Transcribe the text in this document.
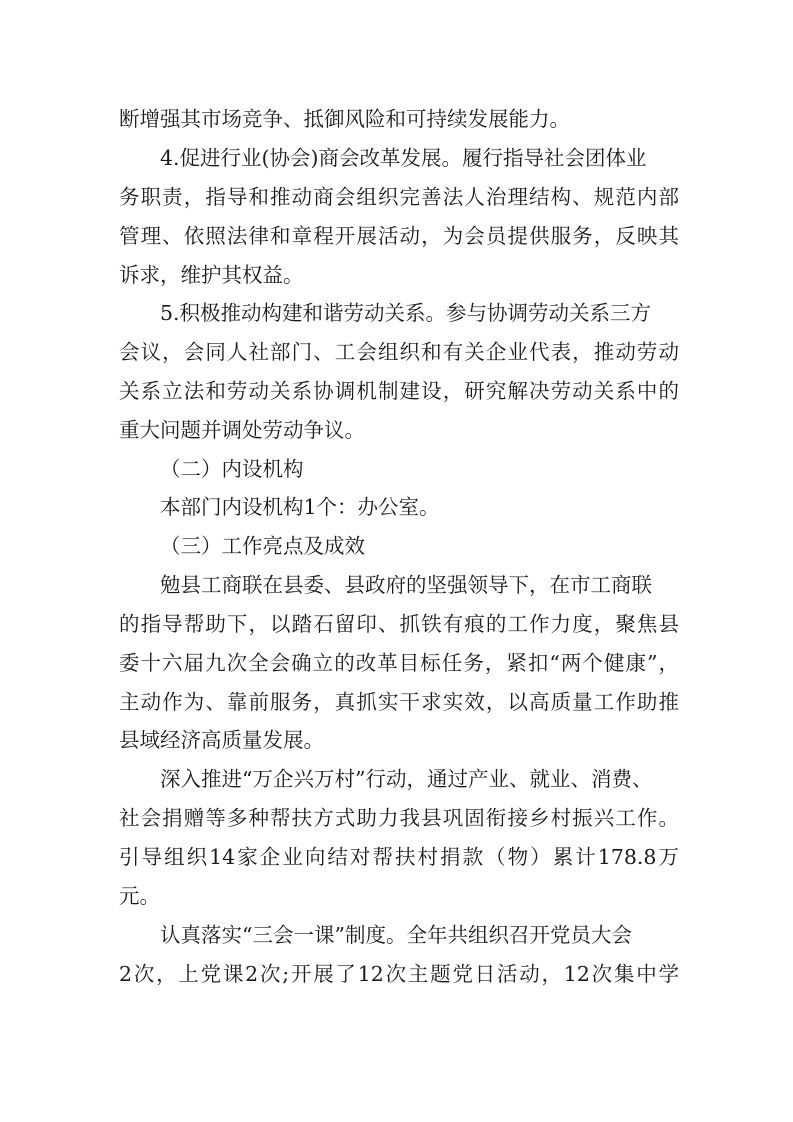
断增强其市场竞争、抵御风险和可持续发展能力。
4.促进行业(协会)商会改革发展。履行指导社会团体业
务职责，指导和推动商会组织完善法人治理结构、规范内部
管理、依照法律和章程开展活动，为会员提供服务，反映其
诉求，维护其权益。
5.积极推动构建和谐劳动关系。参与协调劳动关系三方
会议，会同人社部门、工会组织和有关企业代表，推动劳动
关系立法和劳动关系协调机制建设，研究解决劳动关系中的
重大问题并调处劳动争议。
（二）内设机构
本部门内设机构1个：办公室。
（三）工作亮点及成效
勉县工商联在县委、县政府的坚强领导下，在市工商联
的指导帮助下，以踏石留印、抓铁有痕的工作力度，聚焦县
委十六届九次全会确立的改革目标任务，紧扣“两个健康”，
主动作为、靠前服务，真抓实干求实效，以高质量工作助推
县域经济高质量发展。
深入推进“万企兴万村”行动，通过产业、就业、消费、
社会捐赠等多种帮扶方式助力我县巩固衔接乡村振兴工作。
引导组织14家企业向结对帮扶村捐款（物）累计178.8万
元。
认真落实“三会一课”制度。全年共组织召开党员大会
2次，上党课2次;开展了12次主题党日活动，12次集中学
